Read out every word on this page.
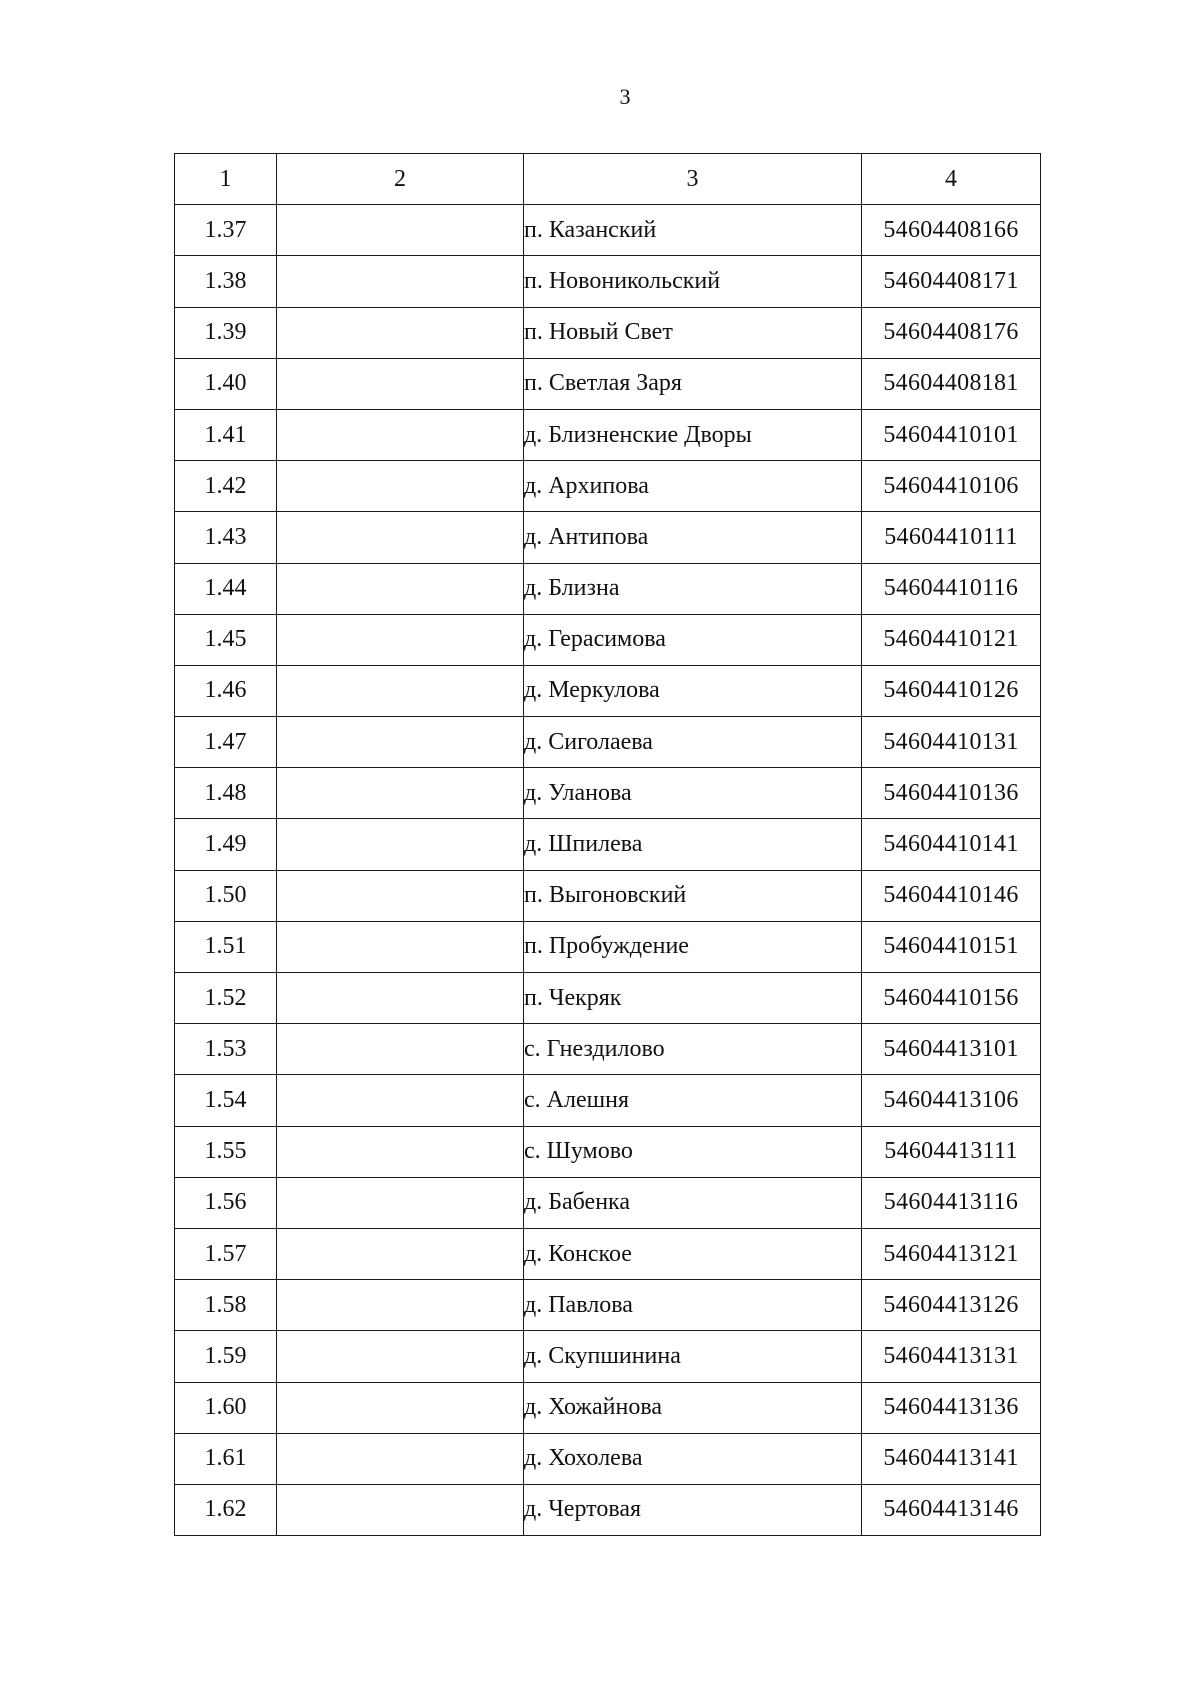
3
1	2	3	4
1.37		п. Казанский	54604408166
1.38		п. Новоникольский	54604408171
1.39		п. Новый Свет	54604408176
1.40		п. Светлая Заря	54604408181
1.41		д. Близненские Дворы	54604410101
1.42		д. Архипова	54604410106
1.43		д. Антипова	54604410111
1.44		д. Близна	54604410116
1.45		д. Герасимова	54604410121
1.46		д. Меркулова	54604410126
1.47		д. Сиголаева	54604410131
1.48		д. Уланова	54604410136
1.49		д. Шпилева	54604410141
1.50		п. Выгоновский	54604410146
1.51		п. Пробуждение	54604410151
1.52		п. Чекряк	54604410156
1.53		с. Гнездилово	54604413101
1.54		с. Алешня	54604413106
1.55		с. Шумово	54604413111
1.56		д. Бабенка	54604413116
1.57		д. Конское	54604413121
1.58		д. Павлова	54604413126
1.59		д. Скупшинина	54604413131
1.60		д. Хожайнова	54604413136
1.61		д. Хохолева	54604413141
1.62		д. Чертовая	54604413146
